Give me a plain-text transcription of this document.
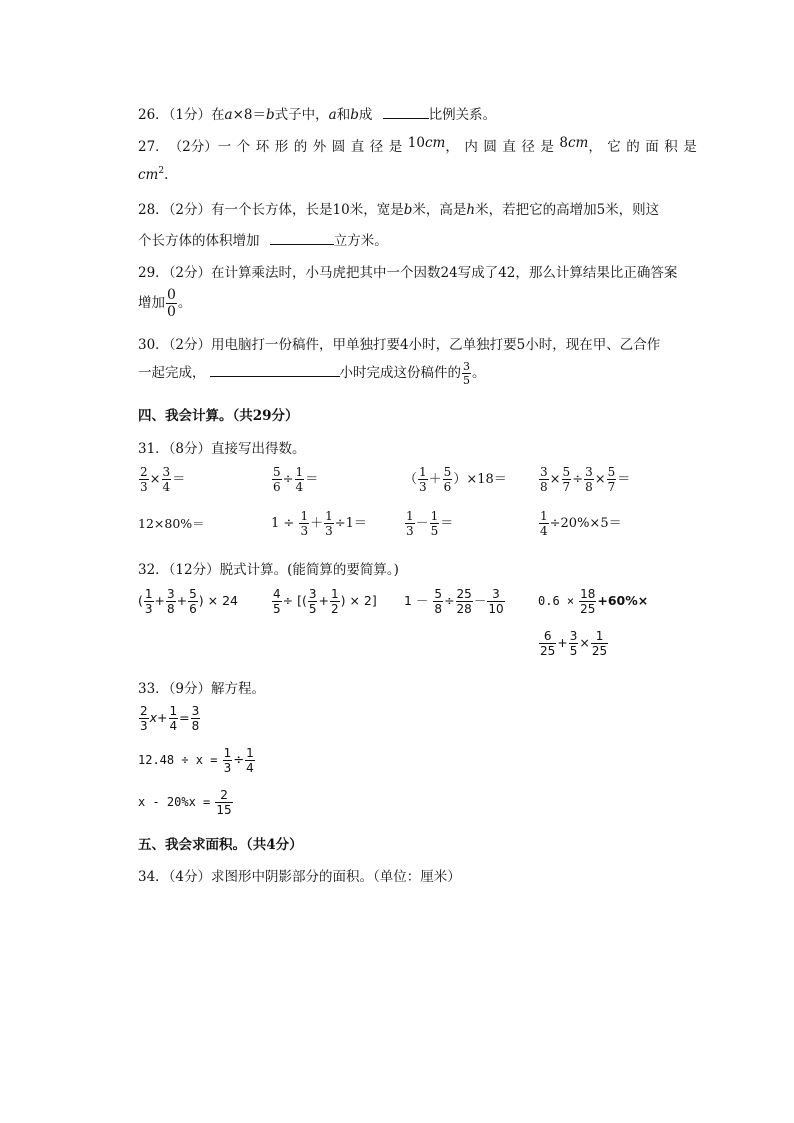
26．（1分）在a×8＝b式子中，a和b成	比例关系。
27． （2分） 一个环形的外圆直径是 10cm ，内圆直径是 8cm ，它的面积是
$cm^2$.
28．（2分）有一个长方体，长是10米，宽是b米，高是h米，若把它的高增加5米，则这
个长方体的体积增加	立方米。
29．（2分）在计算乘法时，小马虎把其中一个因数24写成了42，那么计算结果比正确答案
增加 $\frac{0}{0}$ 。
30．（2分）用电脑打一份稿件，甲单独打要4小时，乙单独打要5小时，现在甲、乙合作
一起完成，	小时完成这份稿件的 $\frac{3}{5}$ 。
四、我会计算。（共29分）
31．（8分）直接写出得数。
$\frac{2}{3} \times \frac{3}{4}$ ＝	$\frac{5}{6} \div \frac{1}{4}$ ＝	（ $\frac{1}{3} + \frac{5}{6} )\times 18=$	$\frac{3}{8} \times \frac{5}{7} \div \frac{3}{8} \times \frac{5}{7}$ ＝
12×80%＝	$1 \div \frac{1}{3} + \frac{1}{3} \div 1=$	$\frac{1}{3} - \frac{1}{5}$ ＝	$\frac{1}{4} \div 20\%\times 5=$
32．（12分）脱式计算。(能简算的要简算。)
( $\frac{1}{3} + \frac{3}{8} + \frac{5}{6}$ ) × 24	$\frac{4}{5}$ ÷ [( $\frac{3}{5} + \frac{1}{2}$ ) × 2] $1 - \frac{5}{8} \div \frac{25}{28} - \frac{3}{10}$	$0.6 \times \frac{18}{25} +60\%\times$
$\frac{6}{25} + \frac{3}{5} \times \frac{1}{25}$
33．（9分）解方程。
$\frac{2}{3} x+ \frac{1}{4} = \frac{3}{8}$
$12.48 \div x = \frac{1}{3} \div \frac{1}{4}$
$x - 20\%x = \frac{2}{15}$
五、我会求面积。（共4分）
34．（4分）求图形中阴影部分的面积。（单位：厘米）
